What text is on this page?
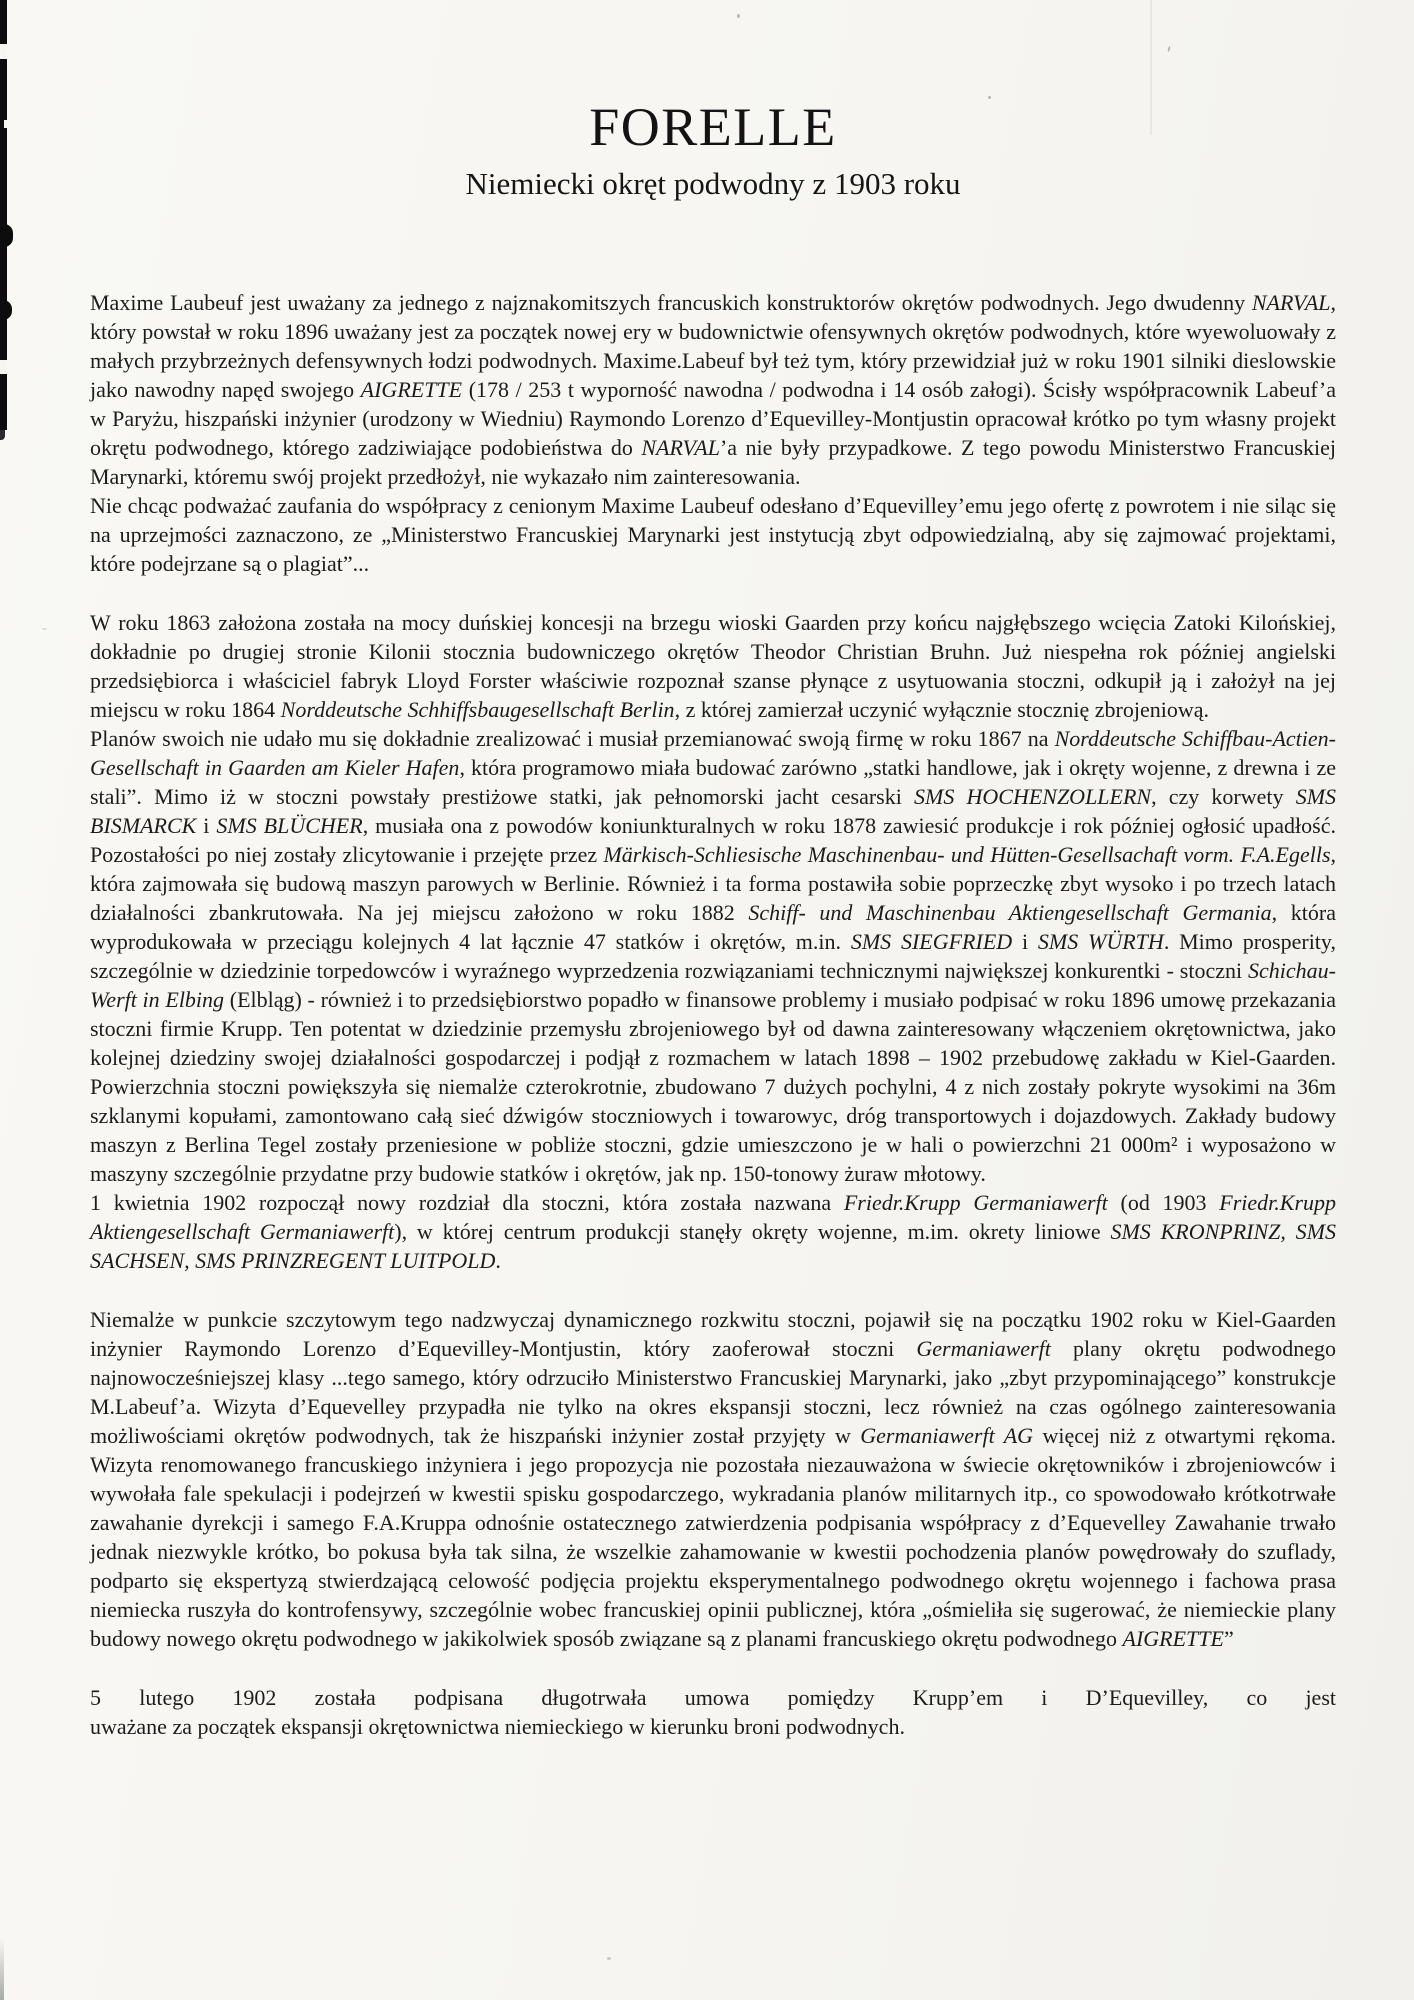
FORELLE
Niemiecki okręt podwodny z 1903 roku

Maxime Laubeuf jest uważany za jednego z najznakomitszych francuskich konstruktorów okrętów podwodnych. Jego dwudenny NARVAL, który powstał w roku 1896 uważany jest za początek nowej ery w budownictwie ofensywnych okrętów podwodnych, które wyewoluowały z małych przybrzeżnych defensywnych łodzi podwodnych. Maxime.Labeuf był też tym, który przewidział już w roku 1901 silniki dieslowskie jako nawodny napęd swojego AIGRETTE (178 / 253 t wyporność nawodna / podwodna i 14 osób załogi). Ścisły współpracownik Labeuf’a w Paryżu, hiszpański inżynier (urodzony w Wiedniu) Raymondo Lorenzo d’Equevilley-Montjustin opracował krótko po tym własny projekt okrętu podwodnego, którego zadziwiające podobieństwa do NARVAL’a nie były przypadkowe. Z tego powodu Ministerstwo Francuskiej Marynarki, któremu swój projekt przedłożył, nie wykazało nim zainteresowania.

Nie chcąc podważać zaufania do współpracy z cenionym Maxime Laubeuf odesłano d’Equevilley’emu jego ofertę z powrotem i nie siląc się na uprzejmości zaznaczono, ze „Ministerstwo Francuskiej Marynarki jest instytucją zbyt odpowiedzialną, aby się zajmować projektami, które podejrzane są o plagiat”...

W roku 1863 założona została na mocy duńskiej koncesji na brzegu wioski Gaarden przy końcu najgłębszego wcięcia Zatoki Kilońskiej, dokładnie po drugiej stronie Kilonii stocznia budowniczego okrętów Theodor Christian Bruhn. Już niespełna rok później angielski przedsiębiorca i właściciel fabryk Lloyd Forster właściwie rozpoznał szanse płynące z usytuowania stoczni, odkupił ją i założył na jej miejscu w roku 1864 Norddeutsche Schhiffsbaugesellschaft Berlin, z której zamierzał uczynić wyłącznie stocznię zbrojeniową.

Planów swoich nie udało mu się dokładnie zrealizować i musiał przemianować swoją firmę w roku 1867 na Norddeutsche Schiffbau-Actien-Gesellschaft in Gaarden am Kieler Hafen, która programowo miała budować zarówno „statki handlowe, jak i okręty wojenne, z drewna i ze stali”. Mimo iż w stoczni powstały prestiżowe statki, jak pełnomorski jacht cesarski SMS HOCHENZOLLERN, czy korwety SMS BISMARCK i SMS BLÜCHER, musiała ona z powodów koniunkturalnych w roku 1878 zawiesić produkcje i rok później ogłosić upadłość. Pozostałości po niej zostały zlicytowanie i przejęte przez Märkisch-Schliesische Maschinenbau- und Hütten-Gesellsachaft vorm. F.A.Egells, która zajmowała się budową maszyn parowych w Berlinie. Również i ta forma postawiła sobie poprzeczkę zbyt wysoko i po trzech latach działalności zbankrutowała. Na jej miejscu założono w roku 1882 Schiff- und Maschinenbau Aktiengesellschaft Germania, która wyprodukowała w przeciągu kolejnych 4 lat łącznie 47 statków i okrętów, m.in. SMS SIEGFRIED i SMS WÜRTH. Mimo prosperity, szczególnie w dziedzinie torpedowców i wyraźnego wyprzedzenia rozwiązaniami technicznymi największej konkurentki - stoczni Schichau-Werft in Elbing (Elbląg) - również i to przedsiębiorstwo popadło w finansowe problemy i musiało podpisać w roku 1896 umowę przekazania stoczni firmie Krupp. Ten potentat w dziedzinie przemysłu zbrojeniowego był od dawna zainteresowany włączeniem okrętownictwa, jako kolejnej dziedziny swojej działalności gospodarczej i podjął z rozmachem w latach 1898 – 1902 przebudowę zakładu w Kiel-Gaarden. Powierzchnia stoczni powiększyła się niemalże czterokrotnie, zbudowano 7 dużych pochylni, 4 z nich zostały pokryte wysokimi na 36m szklanymi kopułami, zamontowano całą sieć dźwigów stoczniowych i towarowyc, dróg transportowych i dojazdowych. Zakłady budowy maszyn z Berlina Tegel zostały przeniesione w pobliże stoczni, gdzie umieszczono je w hali o powierzchni 21 000m² i wyposażono w maszyny szczególnie przydatne przy budowie statków i okrętów, jak np. 150-tonowy żuraw młotowy.

1 kwietnia 1902 rozpoczął nowy rozdział dla stoczni, która została nazwana Friedr.Krupp Germaniawerft (od 1903 Friedr.Krupp Aktiengesellschaft Germaniawerft), w której centrum produkcji stanęły okręty wojenne, m.im. okrety liniowe SMS KRONPRINZ, SMS SACHSEN, SMS PRINZREGENT LUITPOLD.

Niemalże w punkcie szczytowym tego nadzwyczaj dynamicznego rozkwitu stoczni, pojawił się na początku 1902 roku w Kiel-Gaarden inżynier Raymondo Lorenzo d’Equevilley-Montjustin, który zaoferował stoczni Germaniawerft plany okrętu podwodnego najnowocześniejszej klasy ...tego samego, który odrzuciło Ministerstwo Francuskiej Marynarki, jako „zbyt przypominającego” konstrukcje M.Labeuf’a. Wizyta d’Equevelley przypadła nie tylko na okres ekspansji stoczni, lecz również na czas ogólnego zainteresowania możliwościami okrętów podwodnych, tak że hiszpański inżynier został przyjęty w Germaniawerft AG więcej niż z otwartymi rękoma. Wizyta renomowanego francuskiego inżyniera i jego propozycja nie pozostała niezauważona w świecie okrętowników i zbrojeniowców i wywołała fale spekulacji i podejrzeń w kwestii spisku gospodarczego, wykradania planów militarnych itp., co spowodowało krótkotrwałe zawahanie dyrekcji i samego F.A.Kruppa odnośnie ostatecznego zatwierdzenia podpisania współpracy z d’Equevelley Zawahanie trwało jednak niezwykle krótko, bo pokusa była tak silna, że wszelkie zahamowanie w kwestii pochodzenia planów powędrowały do szuflady, podparto się ekspertyzą stwierdzającą celowość podjęcia projektu eksperymentalnego podwodnego okrętu wojennego i fachowa prasa niemiecka ruszyła do kontrofensywy, szczególnie wobec francuskiej opinii publicznej, która „ośmieliła się sugerować, że niemieckie plany budowy nowego okrętu podwodnego w jakikolwiek sposób związane są z planami francuskiego okrętu podwodnego AIGRETTE”

5 lutego 1902 została podpisana długotrwała umowa pomiędzy Krupp’em i D’Equevilley, co jest

uważane za początek ekspansji okrętownictwa niemieckiego w kierunku broni podwodnych.
